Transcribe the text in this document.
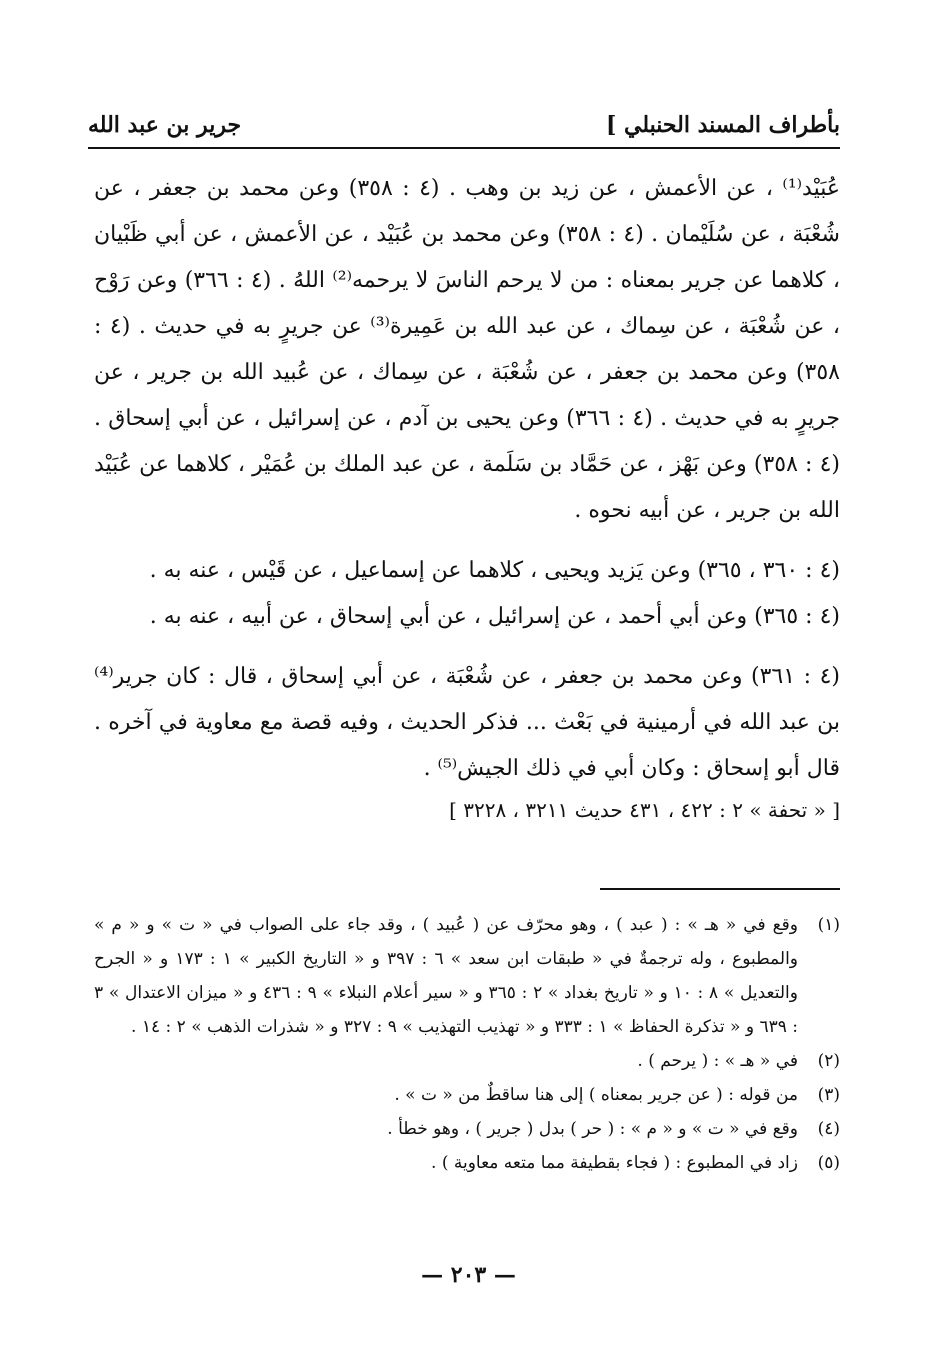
بأطراف المسند الحنبلي ]
جرير بن عبد الله

عُبَيْد⁽¹⁾ ، عن الأعمش ، عن زيد بن وهب . (٤ : ٣٥٨) وعن محمد بن جعفر ، عن شُعْبَة ، عن سُلَيْمان . (٤ : ٣٥٨) وعن محمد بن عُبَيْد ، عن الأعمش ، عن أبي ظَبْيان ، كلاهما عن جرير بمعناه : من لا يرحم الناسَ لا يرحمه⁽²⁾ اللهُ . (٤ : ٣٦٦) وعن رَوْح ، عن شُعْبَة ، عن سِماك ، عن عبد الله بن عَمِيرة⁽³⁾ عن جريرٍ به في حديث . (٤ : ٣٥٨) وعن محمد بن جعفر ، عن شُعْبَة ، عن سِماك ، عن عُبيد الله بن جرير ، عن جريرٍ به في حديث . (٤ : ٣٦٦) وعن يحيى بن آدم ، عن إسرائيل ، عن أبي إسحاق . (٤ : ٣٥٨) وعن بَهْز ، عن حَمَّاد بن سَلَمة ، عن عبد الملك بن عُمَيْر ، كلاهما عن عُبَيْد الله بن جرير ، عن أبيه نحوه .

(٤ : ٣٦٠ ، ٣٦٥) وعن يَزيد ويحيى ، كلاهما عن إسماعيل ، عن قَيْس ، عنه به .

(٤ : ٣٦٥) وعن أبي أحمد ، عن إسرائيل ، عن أبي إسحاق ، عن أبيه ، عنه به .

(٤ : ٣٦١) وعن محمد بن جعفر ، عن شُعْبَة ، عن أبي إسحاق ، قال : كان جرير⁽⁴⁾ بن عبد الله في أرمينية في بَعْث ... فذكر الحديث ، وفيه قصة مع معاوية في آخره . قال أبو إسحاق : وكان أبي في ذلك الجيش⁽⁵⁾ .

[ « تحفة » ٢ : ٤٢٢ ، ٤٣١ حديث ٣٢١١ ، ٣٢٢٨ ]
(١)
وقع في « هـ » : ( عبد ) ، وهو محرّف عن ( عُبيد ) ، وقد جاء على الصواب في « ت » و « م » والمطبوع ، وله ترجمةٌ في « طبقات ابن سعد » ٦ : ٣٩٧ و « التاريخ الكبير » ١ : ١٧٣ و « الجرح والتعديل » ٨ : ١٠ و « تاريخ بغداد » ٢ : ٣٦٥ و « سير أعلام النبلاء » ٩ : ٤٣٦ و « ميزان الاعتدال » ٣ : ٦٣٩ و « تذكرة الحفاظ » ١ : ٣٣٣ و « تهذيب التهذيب » ٩ : ٣٢٧ و « شذرات الذهب » ٢ : ١٤ .
(٢)
في « هـ » : ( يرحم ) .
(٣)
من قوله : ( عن جرير بمعناه ) إلى هنا ساقطٌ من « ت » .
(٤)
وقع في « ت » و « م » : ( حر ) بدل ( جرير ) ، وهو خطأ .
(٥)
زاد في المطبوع : ( فجاء بقطيفة مما متعه معاوية ) .
— ٢٠٣ —
